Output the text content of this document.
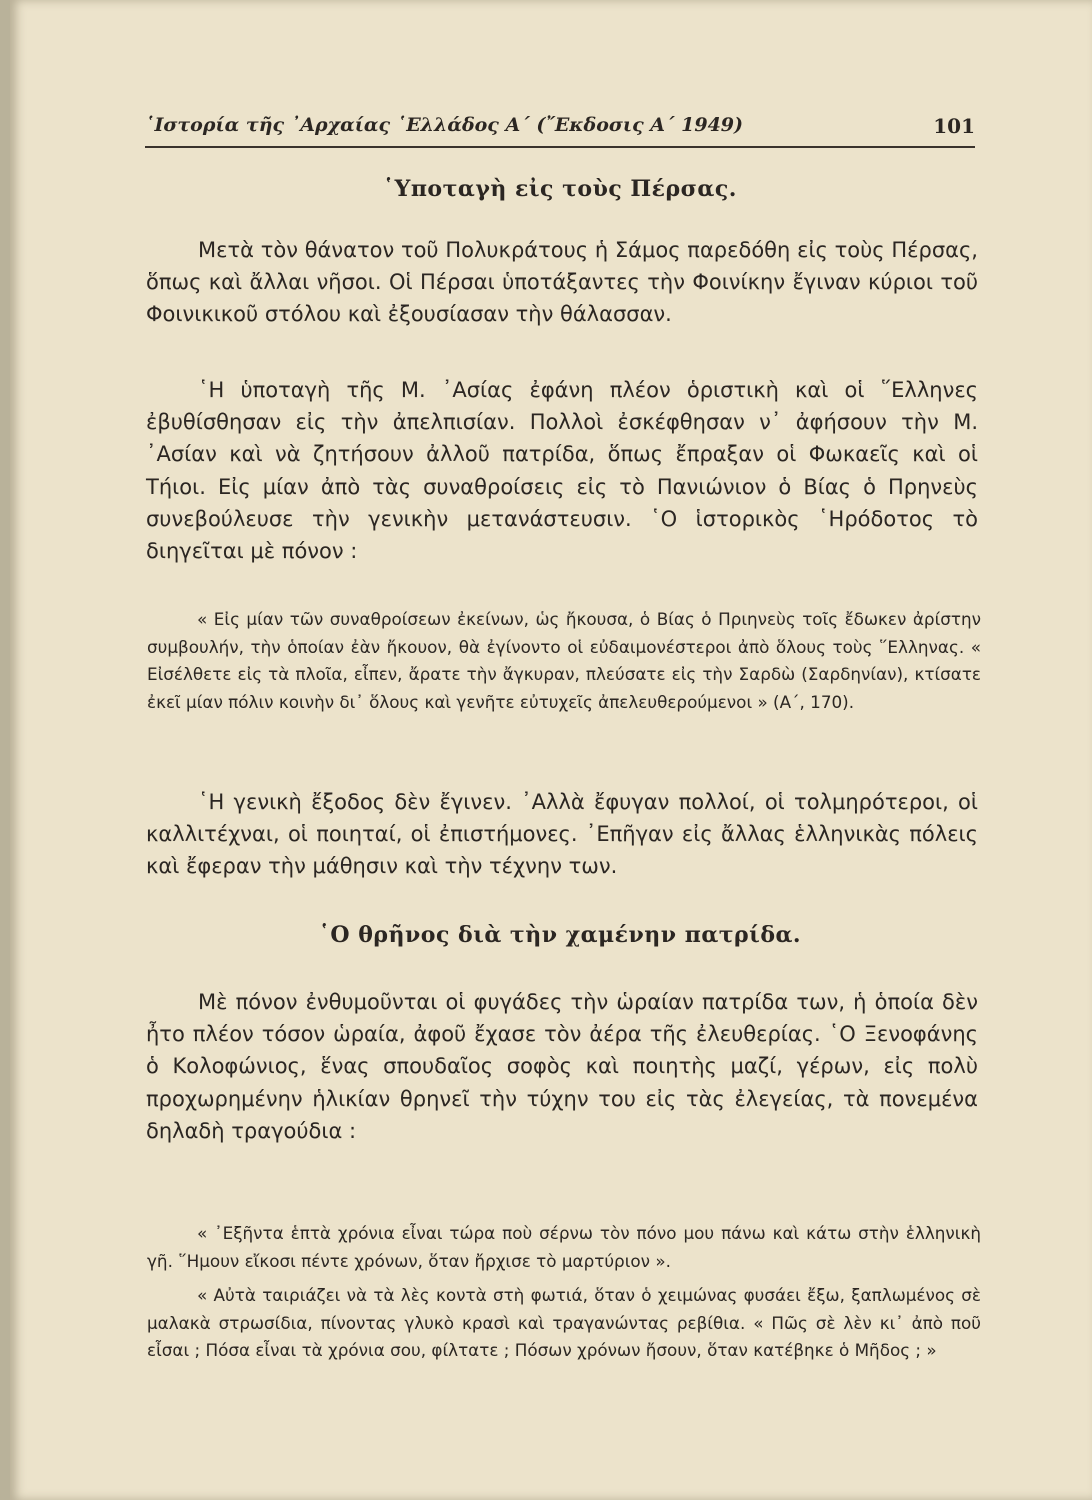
῾Ιστορία τῆς ᾿Αρχαίας ῾Ελλάδος Α΄ (῎Εκδοσις Α΄ 1949)	101
῾Υποταγὴ εἰς τοὺς Πέρσας.

Μετὰ τὸν θάνατον τοῦ Πολυκράτους ἡ Σάμος παρεδόθη εἰς τοὺς Πέρσας, ὅπως καὶ ἄλλαι νῆσοι. Οἱ Πέρσαι ὑποτάξαντες τὴν Φοινίκην ἔγιναν κύριοι τοῦ Φοινικικοῦ στόλου καὶ ἐξουσίασαν τὴν θάλασσαν.

῾Η ὑποταγὴ τῆς Μ. ᾿Ασίας ἐφάνη πλέον ὁριστικὴ καὶ οἱ ῞Ελληνες ἐβυθίσθησαν εἰς τὴν ἀπελπισίαν. Πολλοὶ ἐσκέφθησαν ν᾿ ἀφήσουν τὴν Μ. ᾿Ασίαν καὶ νὰ ζητήσουν ἀλλοῦ πατρίδα, ὅπως ἔπραξαν οἱ Φωκαεῖς καὶ οἱ Τήιοι. Εἰς μίαν ἀπὸ τὰς συναθροίσεις εἰς τὸ Πανιώνιον ὁ Βίας ὁ Πρηνεὺς συνεβούλευσε τὴν γενικὴν μετανάστευσιν. ῾Ο ἱστορικὸς ῾Ηρόδοτος τὸ διηγεῖται μὲ πόνον :

« Εἰς μίαν τῶν συναθροίσεων ἐκείνων, ὡς ἤκουσα, ὁ Βίας ὁ Πριηνεὺς τοῖς ἔδωκεν ἀρίστην συμβουλήν, τὴν ὁποίαν ἐὰν ἤκουον, θὰ ἐγίνοντο οἱ εὐδαιμονέστεροι ἀπὸ ὅλους τοὺς ῞Ελληνας. « Εἰσέλθετε εἰς τὰ πλοῖα, εἶπεν, ἄρατε τὴν ἄγκυραν, πλεύσατε εἰς τὴν Σαρδὼ (Σαρδηνίαν), κτίσατε ἐκεῖ μίαν πόλιν κοινὴν δι᾿ ὅλους καὶ γενῆτε εὐτυχεῖς ἀπελευθερούμενοι » (Α΄, 170).

῾Η γενικὴ ἔξοδος δὲν ἔγινεν. ᾿Αλλὰ ἔφυγαν πολλοί, οἱ τολμηρότεροι, οἱ καλλιτέχναι, οἱ ποιηταί, οἱ ἐπιστήμονες. ᾿Επῆγαν εἰς ἄλλας ἑλληνικὰς πόλεις καὶ ἔφεραν τὴν μάθησιν καὶ τὴν τέχνην των.

῾Ο θρῆνος διὰ τὴν χαμένην πατρίδα.

Μὲ πόνον ἐνθυμοῦνται οἱ φυγάδες τὴν ὡραίαν πατρίδα των, ἡ ὁποία δὲν ἦτο πλέον τόσον ὡραία, ἀφοῦ ἔχασε τὸν ἀέρα τῆς ἐλευθερίας. ῾Ο Ξενοφάνης ὁ Κολοφώνιος, ἕνας σπουδαῖος σοφὸς καὶ ποιητὴς μαζί, γέρων, εἰς πολὺ προχωρημένην ἡλικίαν θρηνεῖ τὴν τύχην του εἰς τὰς ἐλεγείας, τὰ πονεμένα δηλαδὴ τραγούδια :

« ᾿Εξῆντα ἑπτὰ χρόνια εἶναι τώρα ποὺ σέρνω τὸν πόνο μου πάνω καὶ κάτω στὴν ἑλληνικὴ γῆ. ῞Ημουν εἴκοσι πέντε χρόνων, ὅταν ἤρχισε τὸ μαρτύριον ».

« Αὐτὰ ταιριάζει νὰ τὰ λὲς κοντὰ στὴ φωτιά, ὅταν ὁ χειμώνας φυσάει ἔξω, ξαπλωμένος σὲ μαλακὰ στρωσίδια, πίνοντας γλυκὸ κρασὶ καὶ τραγανώντας ρεβίθια. « Πῶς σὲ λὲν κι᾿ ἀπὸ ποῦ εἶσαι ; Πόσα εἶναι τὰ χρόνια σου, φίλτατε ; Πόσων χρόνων ἤσουν, ὅταν κατέβηκε ὁ Μῆδος ; »
